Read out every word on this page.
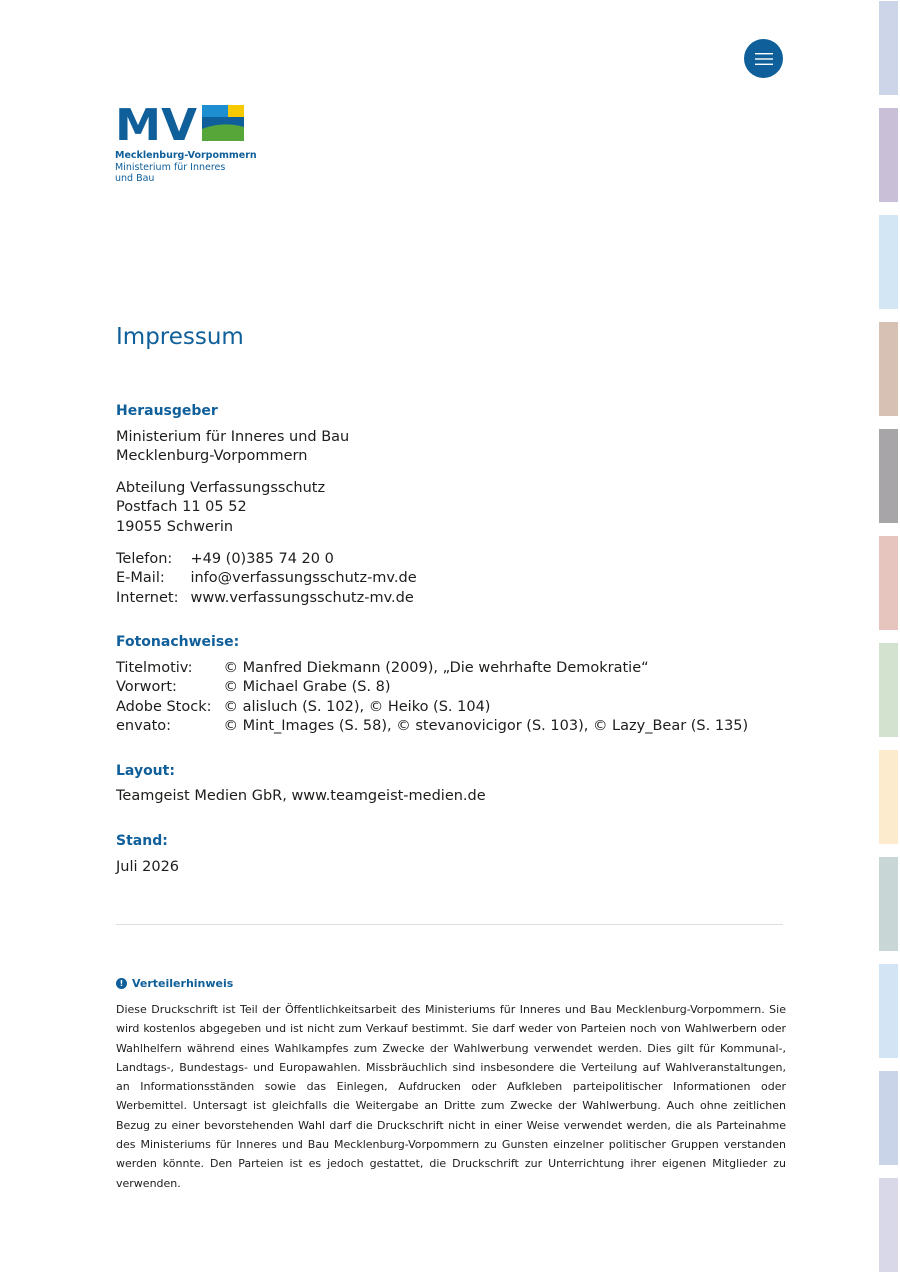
MV
Mecklenburg-Vorpommern
Ministerium für Inneres
und Bau
Impressum
Herausgeber
Ministerium für Inneres und Bau
Mecklenburg-Vorpommern
Abteilung Verfassungsschutz
Postfach 11 05 52
19055 Schwerin
Telefon:	+49 (0)385 74 20 0
E-Mail:	info@verfassungsschutz-mv.de
Internet:	www.verfassungsschutz-mv.de
Fotonachweise:
Titelmotiv:	© Manfred Diekmann (2009), „Die wehrhafte Demokratie“
Vorwort:	© Michael Grabe (S. 8)
Adobe Stock:	© alisluch (S. 102), © Heiko (S. 104)
envato:	© Mint_Images (S. 58), © stevanovicigor (S. 103), © Lazy_Bear (S. 135)
Layout:
Teamgeist Medien GbR, www.teamgeist-medien.de
Stand:
Juli 2026
! Verteilerhinweis

Diese Druckschrift ist Teil der Öffentlichkeitsarbeit des Ministeriums für Inneres und Bau Mecklenburg-Vorpommern. Sie wird kostenlos abgegeben und ist nicht zum Verkauf bestimmt. Sie darf weder von Parteien noch von Wahlwerbern oder Wahlhelfern während eines Wahlkampfes zum Zwecke der Wahlwerbung verwendet werden. Dies gilt für Kommunal-, Landtags-, Bundestags- und Europawahlen. Missbräuchlich sind insbesondere die Verteilung auf Wahlveranstaltungen, an Informationsständen sowie das Einlegen, Aufdrucken oder Aufkleben parteipolitischer Informationen oder Werbemittel. Untersagt ist gleichfalls die Weitergabe an Dritte zum Zwecke der Wahlwerbung. Auch ohne zeitlichen Bezug zu einer bevorstehenden Wahl darf die Druckschrift nicht in einer Weise verwendet werden, die als Parteinahme des Ministeriums für Inneres und Bau Mecklenburg-Vorpommern zu Gunsten einzelner politischer Gruppen verstanden werden könnte. Den Parteien ist es jedoch gestattet, die Druckschrift zur Unterrichtung ihrer eigenen Mitglieder zu verwenden.
